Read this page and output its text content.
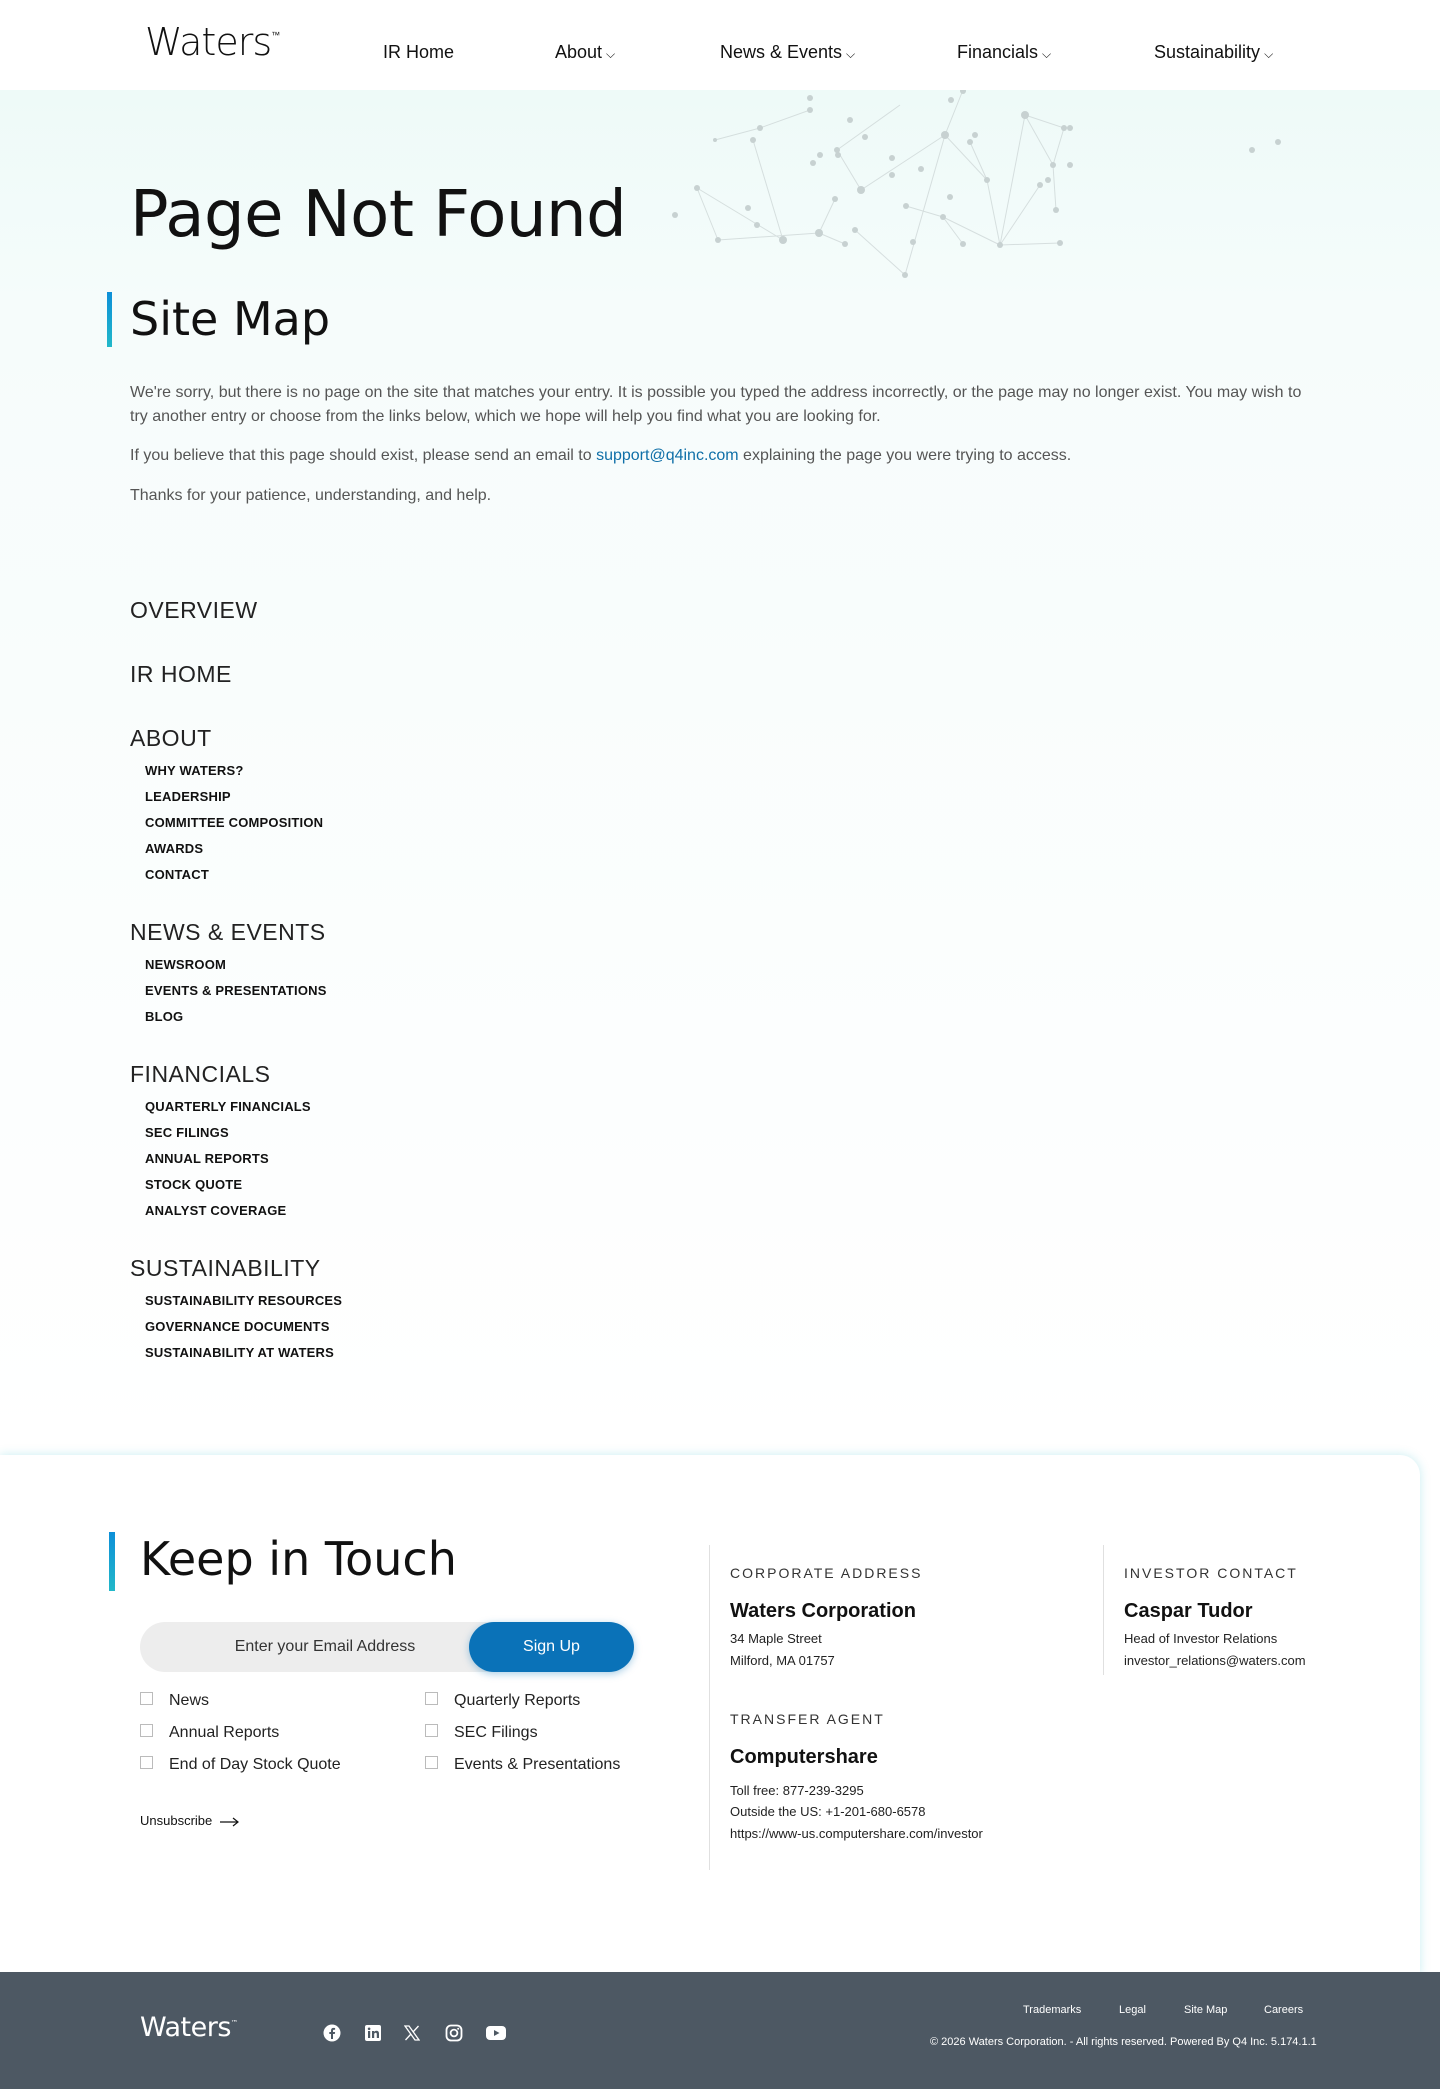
Waters™
IR Home	About ⌵	News & Events ⌵	Financials ⌵	Sustainability ⌵
Page Not Found
Site Map
We're sorry, but there is no page on the site that matches your entry. It is possible you typed the address incorrectly, or the page may no longer exist. You may wish to try another entry or choose from the links below, which we hope will help you find what you are looking for.
If you believe that this page should exist, please send an email to support@q4inc.com explaining the page you were trying to access.
Thanks for your patience, understanding, and help.
OVERVIEW
IR HOME
ABOUT
WHY WATERS?
LEADERSHIP
COMMITTEE COMPOSITION
AWARDS
CONTACT
NEWS & EVENTS
NEWSROOM
EVENTS & PRESENTATIONS
BLOG
FINANCIALS
QUARTERLY FINANCIALS
SEC FILINGS
ANNUAL REPORTS
STOCK QUOTE
ANALYST COVERAGE
SUSTAINABILITY
SUSTAINABILITY RESOURCES
GOVERNANCE DOCUMENTS
SUSTAINABILITY AT WATERS
Keep in Touch
Enter your Email Address
Sign Up
News	Quarterly Reports
Annual Reports	SEC Filings
End of Day Stock Quote	Events & Presentations
Unsubscribe
CORPORATE ADDRESS
Waters Corporation
34 Maple Street
Milford, MA 01757
TRANSFER AGENT
Computershare
Toll free: 877-239-3295
Outside the US: +1-201-680-6578
https://www-us.computershare.com/investor
INVESTOR CONTACT
Caspar Tudor
Head of Investor Relations
investor_relations@waters.com
Waters™
Trademarks	Legal	Site Map	Careers
© 2026 Waters Corporation. - All rights reserved. Powered By Q4 Inc. 5.174.1.1
